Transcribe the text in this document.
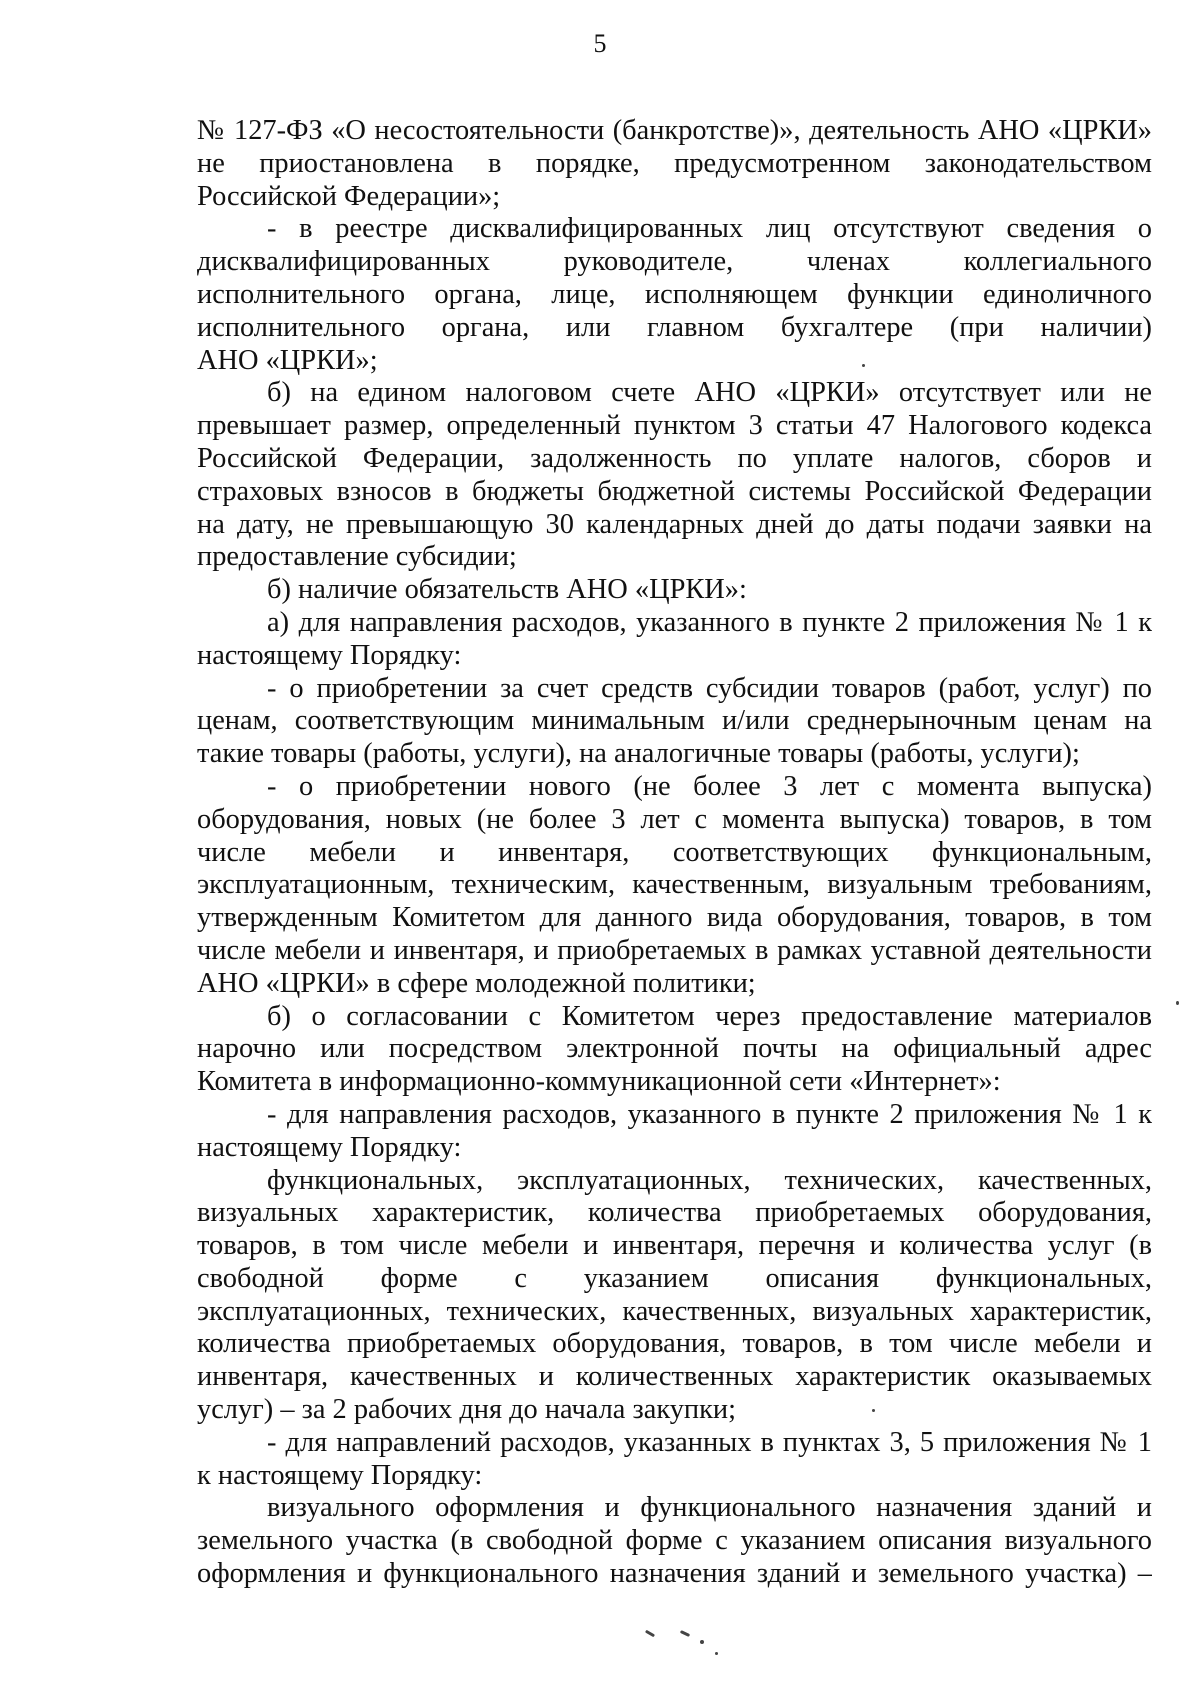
5
№ 127-ФЗ «О несостоятельности (банкротстве)», деятельность АНО «ЦРКИ»
не приостановлена в порядке, предусмотренном законодательством
Российской Федерации»;
- в реестре дисквалифицированных лиц отсутствуют сведения о
дисквалифицированных руководителе, членах коллегиального
исполнительного органа, лице, исполняющем функции единоличного
исполнительного органа, или главном бухгалтере (при наличии)
АНО «ЦРКИ»;
б) на едином налоговом счете АНО «ЦРКИ» отсутствует или не
превышает размер, определенный пунктом 3 статьи 47 Налогового кодекса
Российской Федерации, задолженность по уплате налогов, сборов и
страховых взносов в бюджеты бюджетной системы Российской Федерации
на дату, не превышающую 30 календарных дней до даты подачи заявки на
предоставление субсидии;
б) наличие обязательств АНО «ЦРКИ»:
а) для направления расходов, указанного в пункте 2 приложения № 1 к
настоящему Порядку:
- о приобретении за счет средств субсидии товаров (работ, услуг) по
ценам, соответствующим минимальным и/или среднерыночным ценам на
такие товары (работы, услуги), на аналогичные товары (работы, услуги);
- о приобретении нового (не более 3 лет с момента выпуска)
оборудования, новых (не более 3 лет с момента выпуска) товаров, в том
числе мебели и инвентаря, соответствующих функциональным,
эксплуатационным, техническим, качественным, визуальным требованиям,
утвержденным Комитетом для данного вида оборудования, товаров, в том
числе мебели и инвентаря, и приобретаемых в рамках уставной деятельности
АНО «ЦРКИ» в сфере молодежной политики;
б) о согласовании с Комитетом через предоставление материалов
нарочно или посредством электронной почты на официальный адрес
Комитета в информационно-коммуникационной сети «Интернет»:
- для направления расходов, указанного в пункте 2 приложения № 1 к
настоящему Порядку:
функциональных, эксплуатационных, технических, качественных,
визуальных характеристик, количества приобретаемых оборудования,
товаров, в том числе мебели и инвентаря, перечня и количества услуг (в
свободной форме с указанием описания функциональных,
эксплуатационных, технических, качественных, визуальных характеристик,
количества приобретаемых оборудования, товаров, в том числе мебели и
инвентаря, качественных и количественных характеристик оказываемых
услуг) – за 2 рабочих дня до начала закупки;
- для направлений расходов, указанных в пунктах 3, 5 приложения № 1
к настоящему Порядку:
визуального оформления и функционального назначения зданий и
земельного участка (в свободной форме с указанием описания визуального
оформления и функционального назначения зданий и земельного участка) –
